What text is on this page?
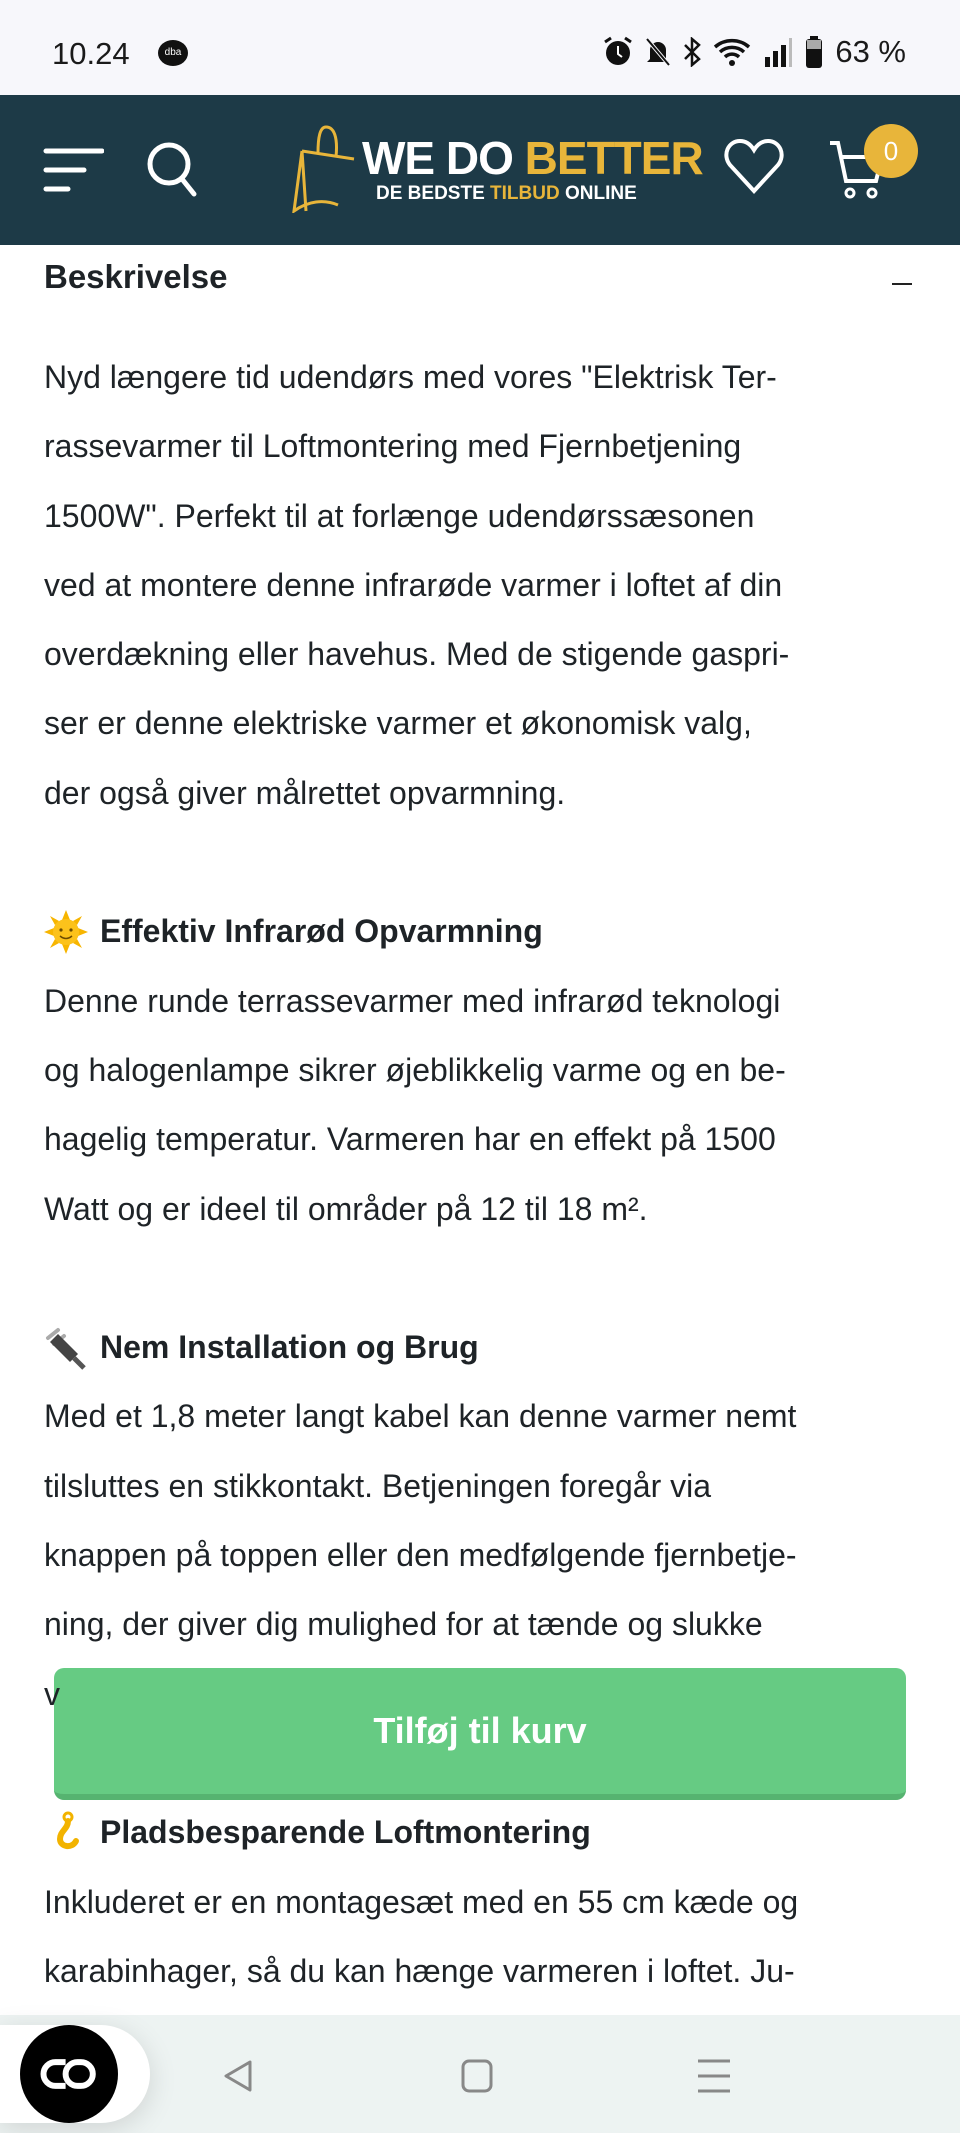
10.24	dba	63 %
WE DO BETTER
DE BEDSTE TILBUD ONLINE
0
Beskrivelse
Tilføj til kurv
Nyd længere tid udendørs med vores "Elektrisk Ter-
rassevarmer til Loftmontering med Fjernbetjening
1500W". Perfekt til at forlænge udendørssæsonen
ved at montere denne infrarøde varmer i loftet af din
overdækning eller havehus. Med de stigende gaspri-
ser er denne elektriske varmer et økonomisk valg,
der også giver målrettet opvarmning.
Effektiv Infrarød Opvarmning
Denne runde terrassevarmer med infrarød teknologi
og halogenlampe sikrer øjeblikkelig varme og en be-
hagelig temperatur. Varmeren har en effekt på 1500
Watt og er ideel til områder på 12 til 18 m².
Nem Installation og Brug
Med et 1,8 meter langt kabel kan denne varmer nemt
tilsluttes en stikkontakt. Betjeningen foregår via
knappen på toppen eller den medfølgende fjernbetje-
ning, der giver dig mulighed for at tænde og slukke
v
Pladsbesparende Loftmontering
Inkluderet er en montagesæt med en 55 cm kæde og
karabinhager, så du kan hænge varmeren i loftet. Ju-
